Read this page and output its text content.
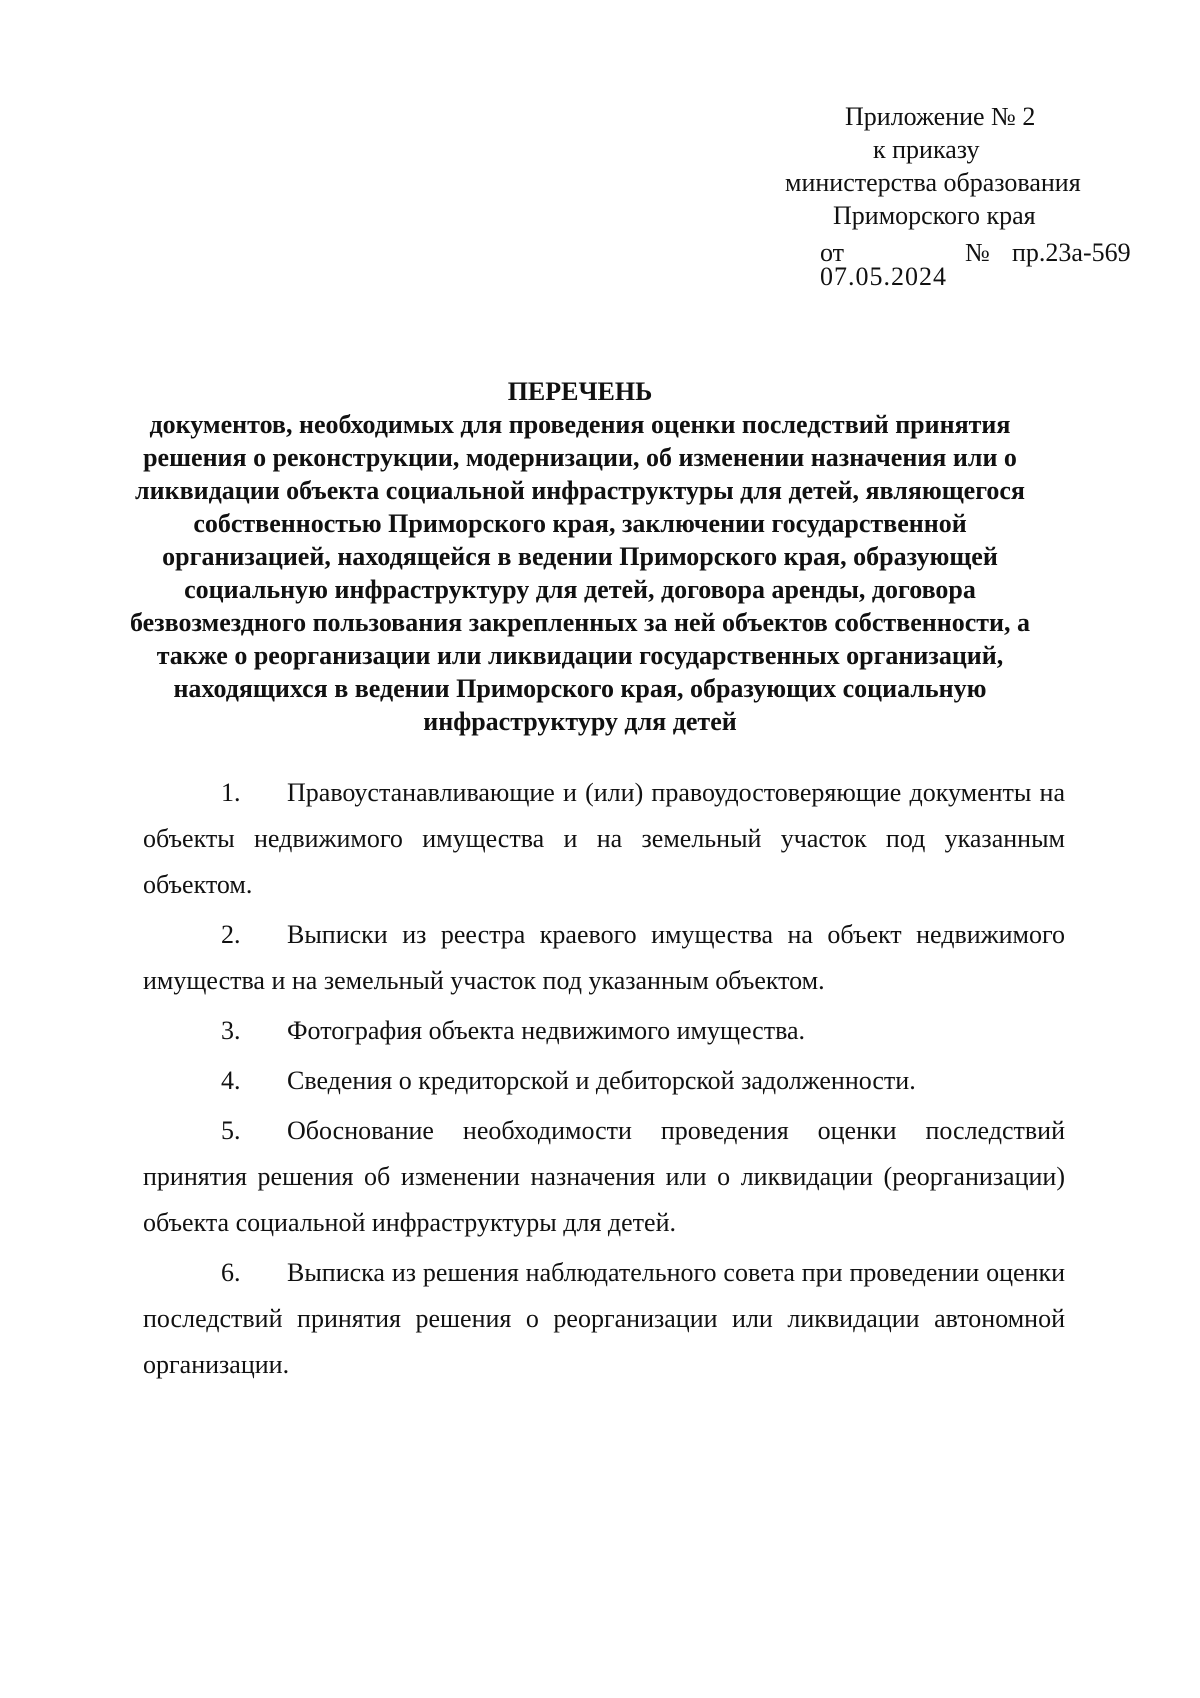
Приложение № 2
к приказу
министерства образования
Приморского края
от
07.05.2024
№ пр.23а-569
ПЕРЕЧЕНЬ
документов, необходимых для проведения оценки последствий принятия решения о реконструкции, модернизации, об изменении назначения или о ликвидации объекта социальной инфраструктуры для детей, являющегося собственностью Приморского края, заключении государственной организацией, находящейся в ведении Приморского края, образующей социальную инфраструктуру для детей, договора аренды, договора безвозмездного пользования закрепленных за ней объектов собственности, а также о реорганизации или ликвидации государственных организаций, находящихся в ведении Приморского края, образующих социальную инфраструктуру для детей

1. Правоустанавливающие и (или) правоудостоверяющие документы на объекты недвижимого имущества и на земельный участок под указанным объектом.

2. Выписки из реестра краевого имущества на объект недвижимого имущества и на земельный участок под указанным объектом.

3. Фотография объекта недвижимого имущества.

4. Сведения о кредиторской и дебиторской задолженности.

5. Обоснование необходимости проведения оценки последствий принятия решения об изменении назначения или о ликвидации (реорганизации) объекта социальной инфраструктуры для детей.

6. Выписка из решения наблюдательного совета при проведении оценки последствий принятия решения о реорганизации или ликвидации автономной организации.
